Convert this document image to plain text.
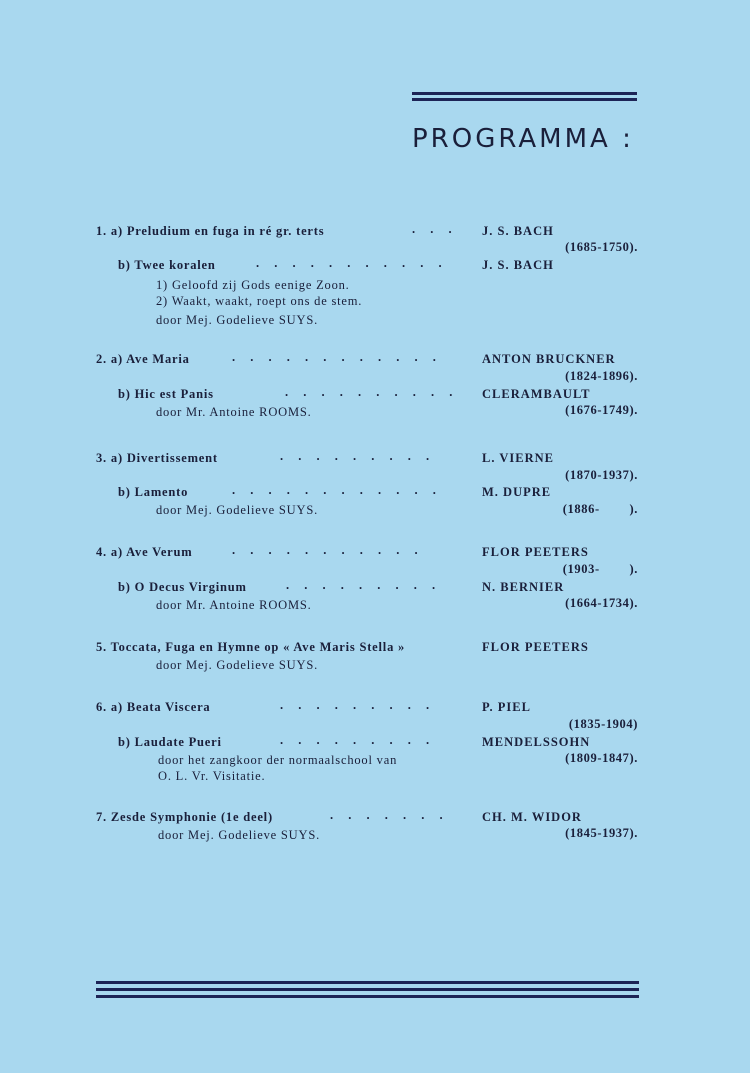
PROGRAMMA :
1. a) Preludium en fuga in ré gr. terts	. . . J. S. BACH
(1685-1750).
b) Twee koralen	. . . . . . . . . . .	J. S. BACH
1) Geloofd zij Gods eenige Zoon.
2) Waakt, waakt, roept ons de stem.
door Mej. Godelieve SUYS.
2. a) Ave Maria	. . . . . . . . . . . .	ANTON BRUCKNER
(1824-1896).
b) Hic est Panis	. . . . . . . . . . CLERAMBAULT
door Mr. Antoine ROOMS.	(1676-1749).
3. a) Divertissement	. . . . . . . . .	L. VIERNE
(1870-1937).
b) Lamento	. . . . . . . . . . . .	M. DUPRE
door Mej. Godelieve SUYS.	(1886-        ).
4. a) Ave Verum	. . . . . . . . . . .	FLOR PEETERS
(1903-        ).
b) O Decus Virginum	. . . . . . . . .	N. BERNIER
door Mr. Antoine ROOMS.	(1664-1734).
5. Toccata, Fuga en Hymne op « Ave Maris Stella »	FLOR PEETERS
door Mej. Godelieve SUYS.
6. a) Beata Viscera	. . . . . . . . .	P. PIEL
(1835-1904)
b) Laudate Pueri	. . . . . . . . .	MENDELSSOHN
door het zangkoor der normaalschool van	(1809-1847).
O. L. Vr. Visitatie.
7. Zesde Symphonie (1e deel)	. . . . . . .	CH. M. WIDOR
door Mej. Godelieve SUYS.	(1845-1937).
